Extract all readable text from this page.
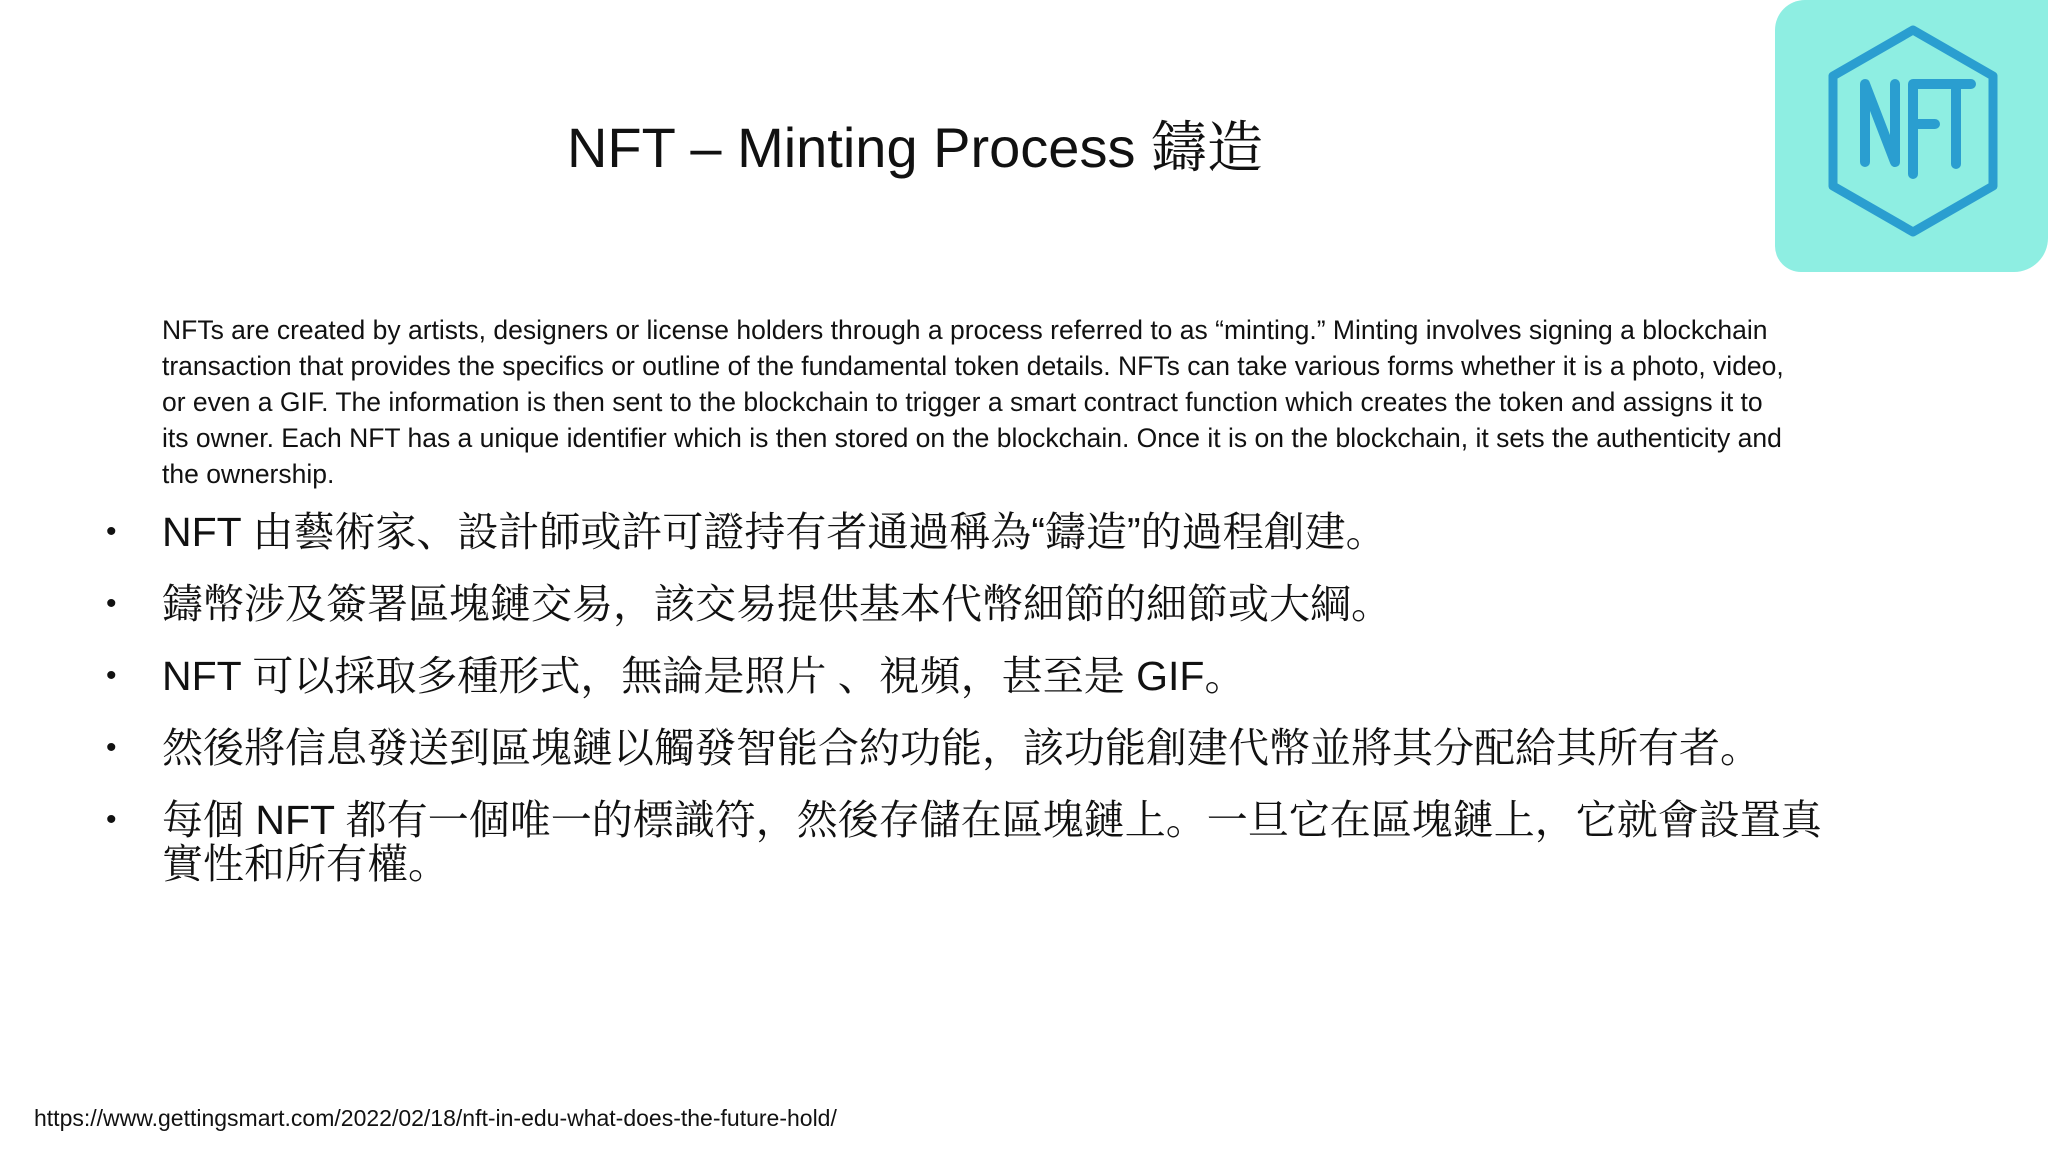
NFT – Minting Process 鑄造
NFTs are created by artists, designers or license holders through a process referred to as “minting.” Minting involves signing a blockchain transaction that provides the specifics or outline of the fundamental token details. NFTs can take various forms whether it is a photo, video, or even a GIF. The information is then sent to the blockchain to trigger a smart contract function which creates the token and assigns it to its owner. Each NFT has a unique identifier which is then stored on the blockchain. Once it is on the blockchain, it sets the authenticity and the ownership.
• NFT 由藝術家、設計師或許可證持有者通過稱為“鑄造”的過程創建。
• 鑄幣涉及簽署區塊鏈交易，該交易提供基本代幣細節的細節或大綱。
• NFT 可以採取多種形式，無論是照片 、視頻，甚至是 GIF。
• 然後將信息發送到區塊鏈以觸發智能合約功能，該功能創建代幣並將其分配給其所有者。
• 每個 NFT 都有一個唯一的標識符，然後存儲在區塊鏈上。一旦它在區塊鏈上，它就會設置真實性和所有權。
https://www.gettingsmart.com/2022/02/18/nft-in-edu-what-does-the-future-hold/
